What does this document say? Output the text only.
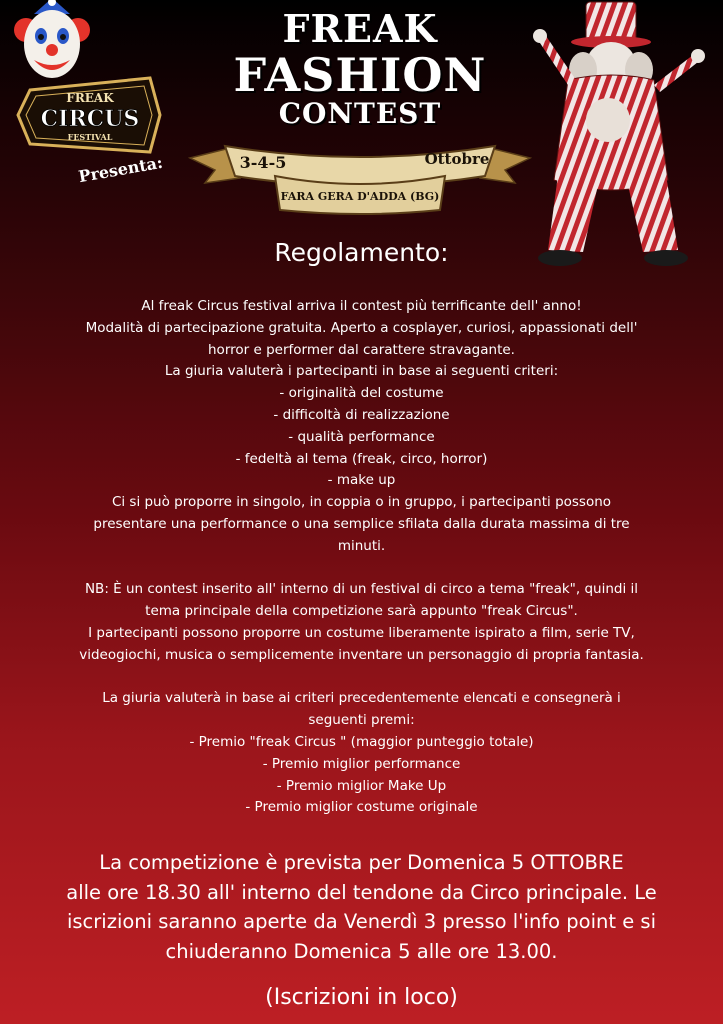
FREAK
CIRCUS
FESTIVAL
Presenta:
FREAK
FASHION
CONTEST
3-4-5	Ottobre
FARA GERA D'ADDA (BG)
Regolamento:
Al freak Circus festival arriva il contest più terrificante dell' anno!
Modalità di partecipazione gratuita. Aperto a cosplayer, curiosi, appassionati dell'
horror e performer dal carattere stravagante.
La giuria valuterà i partecipanti in base ai seguenti criteri:
- originalità del costume
- difficoltà di realizzazione
- qualità performance
- fedeltà al tema (freak, circo, horror)
- make up
Ci si può proporre in singolo, in coppia o in gruppo, i partecipanti possono
presentare una performance o una semplice sfilata dalla durata massima di tre
minuti.
NB: È un contest inserito all' interno di un festival di circo a tema "freak", quindi il
tema principale della competizione sarà appunto "freak Circus".
I partecipanti possono proporre un costume liberamente ispirato a film, serie TV,
videogiochi, musica o semplicemente inventare un personaggio di propria fantasia.
La giuria valuterà in base ai criteri precedentemente elencati e consegnerà i
seguenti premi:
- Premio "freak Circus " (maggior punteggio totale)
- Premio miglior performance
- Premio miglior Make Up
- Premio miglior costume originale
La competizione è prevista per Domenica 5 OTTOBRE
alle ore 18.30 all' interno del tendone da Circo principale. Le
iscrizioni saranno aperte da Venerdì 3 presso l'info point e si
chiuderanno Domenica 5 alle ore 13.00.
(Iscrizioni in loco)
